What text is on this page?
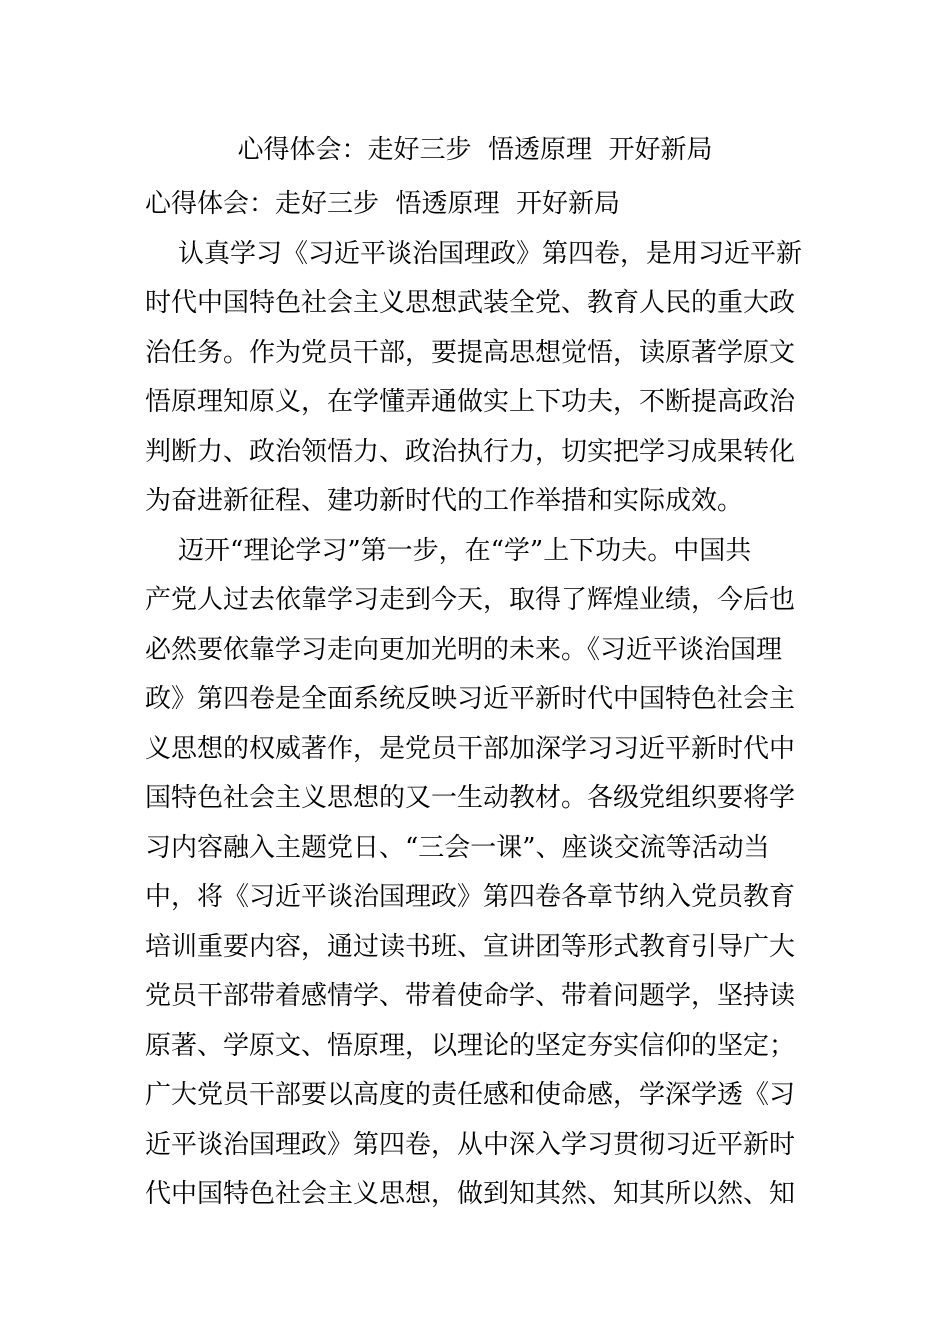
心得体会：走好三步  悟透原理  开好新局
心得体会：走好三步  悟透原理  开好新局
认真学习《习近平谈治国理政》第四卷，是用习近平新
时代中国特色社会主义思想武装全党、教育人民的重大政
治任务。作为党员干部，要提高思想觉悟，读原著学原文
悟原理知原义，在学懂弄通做实上下功夫，不断提高政治
判断力、政治领悟力、政治执行力，切实把学习成果转化
为奋进新征程、建功新时代的工作举措和实际成效。
迈开“理论学习”第一步，在“学”上下功夫。中国共
产党人过去依靠学习走到今天，取得了辉煌业绩，今后也
必然要依靠学习走向更加光明的未来。《习近平谈治国理
政》第四卷是全面系统反映习近平新时代中国特色社会主
义思想的权威著作，是党员干部加深学习习近平新时代中
国特色社会主义思想的又一生动教材。各级党组织要将学
习内容融入主题党日、“三会一课”、座谈交流等活动当
中，将《习近平谈治国理政》第四卷各章节纳入党员教育
培训重要内容，通过读书班、宣讲团等形式教育引导广大
党员干部带着感情学、带着使命学、带着问题学，坚持读
原著、学原文、悟原理，以理论的坚定夯实信仰的坚定；
广大党员干部要以高度的责任感和使命感，学深学透《习
近平谈治国理政》第四卷，从中深入学习贯彻习近平新时
代中国特色社会主义思想，做到知其然、知其所以然、知
